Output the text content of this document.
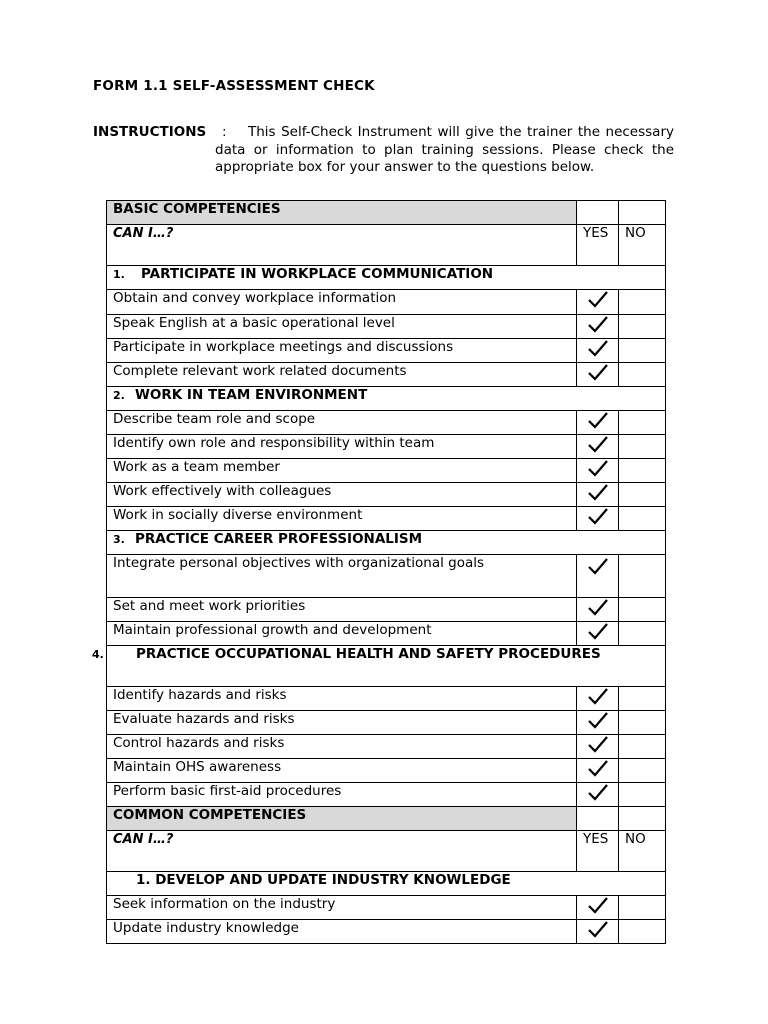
FORM 1.1 SELF-ASSESSMENT CHECK
INSTRUCTIONS :	This Self-Check Instrument will give the trainer the necessary data or information to plan training sessions. Please check the appropriate box for your answer to the questions below.
BASIC COMPETENCIES		
CAN I…?	YES	NO
1. PARTICIPATE IN WORKPLACE COMMUNICATION		
Obtain and convey workplace information		
Speak English at a basic operational level		
Participate in workplace meetings and discussions		
Complete relevant work related documents		
2. WORK IN TEAM ENVIRONMENT		
Describe team role and scope		
Identify own role and responsibility within team		
Work as a team member		
Work effectively with colleagues		
Work in socially diverse environment		
3. PRACTICE CAREER PROFESSIONALISM		
Integrate personal objectives with organizational goals		
Set and meet work priorities		
Maintain professional growth and development		
4. PRACTICE OCCUPATIONAL HEALTH AND SAFETY PROCEDURES		
Identify hazards and risks		
Evaluate hazards and risks		
Control hazards and risks		
Maintain OHS awareness		
Perform basic first-aid procedures		
COMMON COMPETENCIES		
CAN I…?	YES	NO
1. DEVELOP AND UPDATE INDUSTRY KNOWLEDGE		
Seek information on the industry		
Update industry knowledge		
